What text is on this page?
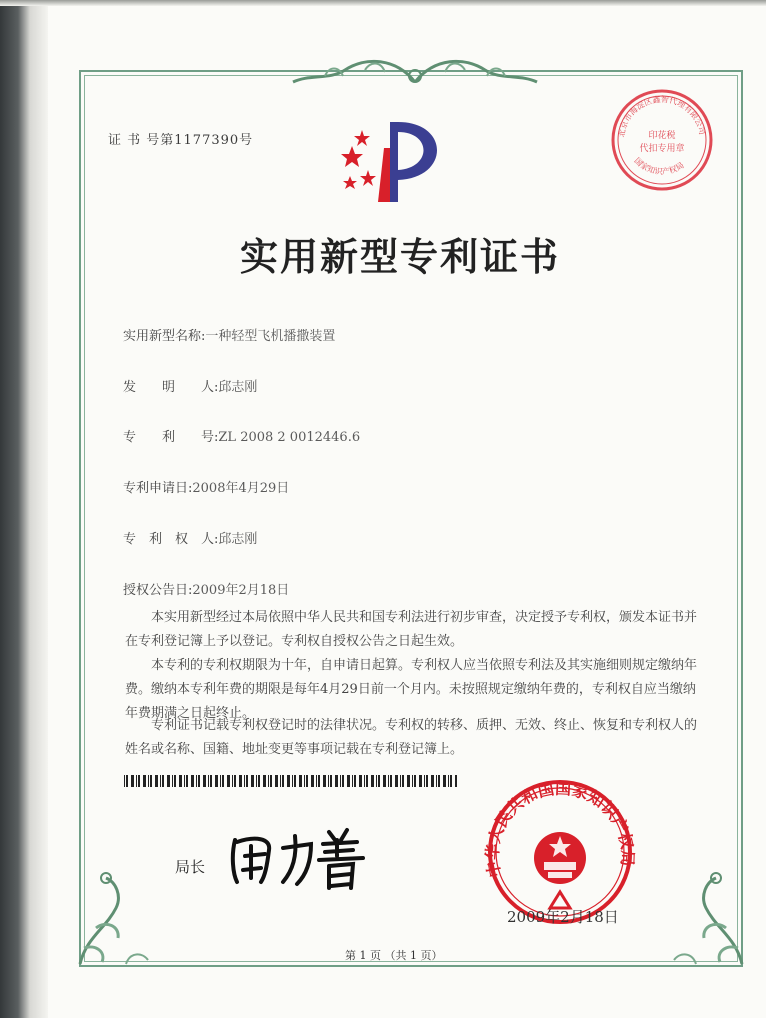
证 书 号第1177390号	北京市海淀区鑫智代理有限公司
印花税
代扣专用章
国家知识产权局
实用新型专利证书
实用新型名称:一种轻型飞机播撒装置
发　　明　　人:邱志刚
专　　利　　号:ZL 2008 2 0012446.6
专利申请日:2008年4月29日
专　利　权　人:邱志刚
授权公告日:2009年2月18日
　　本实用新型经过本局依照中华人民共和国专利法进行初步审查，决定授予专利权，颁发本证书并在专利登记簿上予以登记。专利权自授权公告之日起生效。
　　本专利的专利权期限为十年，自申请日起算。专利权人应当依照专利法及其实施细则规定缴纳年费。缴纳本专利年费的期限是每年4月29日前一个月内。未按照规定缴纳年费的，专利权自应当缴纳年费期满之日起终止。
　　专利证书记载专利权登记时的法律状况。专利权的转移、质押、无效、终止、恢复和专利权人的姓名或名称、国籍、地址变更等事项记载在专利登记簿上。
中华人民共和国国家知识产权局
局长
2009年2月18日
第 1 页 （共 1 页）
